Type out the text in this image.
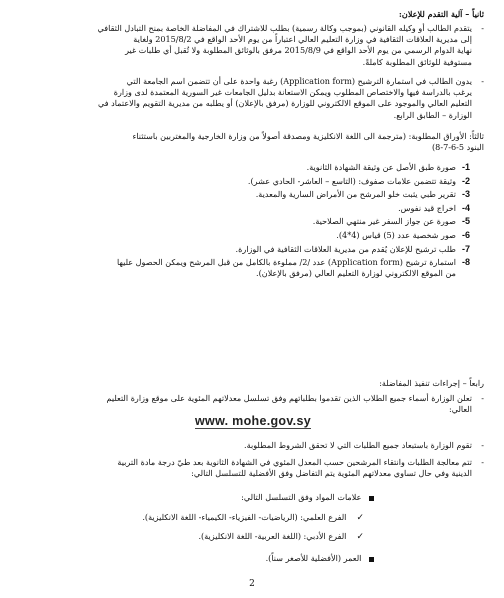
ثانياً – آلية التقدم للإعلان:
-
يتقدم الطالب أو وكيله القانوني (بموجب وكالة رسمية) بطلب للاشتراك في المفاضلة الخاصة بمنح التبادل الثقافي
إلى مديرية العلاقات الثقافية في وزارة التعليم العالي اعتباراً من يوم الأحد الواقع في 2015/8/2 ولغاية
نهاية الدوام الرسمي من يوم الأحد الواقع في 2015/8/9 مرفق بالوثائق المطلوبة ولا تُقبل أي طلبات غير
مستوفية للوثائق المطلوبة كاملةً.
-
يدون الطالب في استمارة الترشيح (Application form) رغبة واحدة على أن تتضمن اسم الجامعة التي
يرغب بالدراسة فيها والاختصاص المطلوب ويمكن الاستعانة بدليل الجامعات غير السورية المعتمدة لدى وزارة
التعليم العالي والموجود على الموقع الالكتروني للوزارة (مرفق بالإعلان) أو يطلبه من مديرية التقويم والاعتماد في
الوزارة – الطابق الرابع.
ثالثاً: الأوراق المطلوبة: (مترجمة الى اللغة الانكليزية ومصدقة أصولاً من وزارة الخارجية والمغتربين باستثناء
البنود 5-6-7-8)
1-
صورة طبق الأصل عن وثيقة الشهادة الثانوية.
2-
وثيقة تتضمن علامات صفوف: (التاسع – العاشر- الحادي عشر).
3-
تقرير طبي يثبت خلو المرشح من الأمراض السارية والمعدية.
4-
اخراج قيد نفوس.
5-
صورة عن جواز السفر غير منتهي الصلاحية.
6-
صور شخصية عدد (5) قياس (4*4).
7-
طلب ترشيح للإعلان يُقدم من مديرية العلاقات الثقافية في الوزارة.
8-
استمارة ترشيح (Application form) عدد /2/ مملوءة بالكامل من قبل المرشح ويمكن الحصول عليها
من الموقع الالكتروني لوزارة التعليم العالي (مرفق بالإعلان).
رابعاً – إجراءات تنفيذ المفاضلة:
-
تعلن الوزارة أسماء جميع الطلاب الذين تقدموا بطلباتهم وفق تسلسل معدلاتهم المئوية على موقع وزارة التعليم
العالي:
www. mohe.gov.sy
-
تقوم الوزارة باستبعاد جميع الطلبات التي لا تحقق الشروط المطلوبة.
-
تتم معالجة الطلبات وانتقاء المرشحين حسب المعدل المئوي في الشهادة الثانوية بعد طيّ درجة مادة التربية
الدينية وفي حال تساوي معدلاتهم المئوية يتم التفاضل وفق الأفضلية للتسلسل التالي:
علامات المواد وفق التسلسل التالي:
✓ الفرع العلمي: (الرياضيات- الفيزياء- الكيمياء- اللغة الانكليزية).
✓ الفرع الأدبي: (اللغة العربية- اللغة الانكليزية).
العمر (الأفضلية للأصغر سناً).
2
